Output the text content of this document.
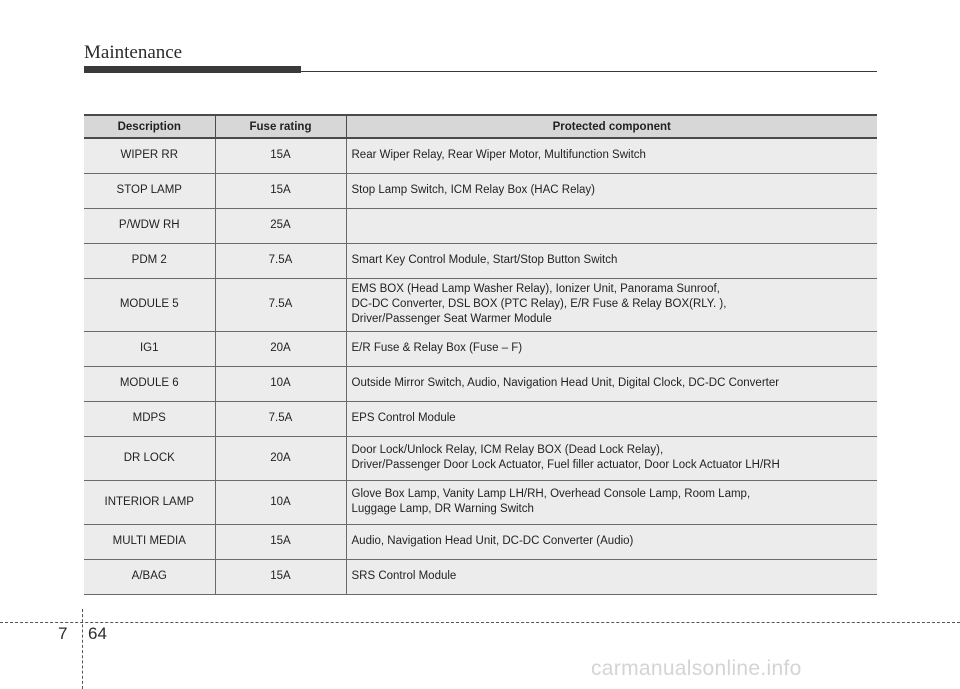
Maintenance
Description	Fuse rating	Protected component
WIPER RR	15A	Rear Wiper Relay, Rear Wiper Motor, Multifunction Switch

STOP LAMP	15A	Stop Lamp Switch, ICM Relay Box (HAC Relay)

P/WDW RH	25A	
PDM 2	7.5A	Smart Key Control Module, Start/Stop Button Switch

MODULE 5	7.5A	EMS BOX (Head Lamp Washer Relay), Ionizer Unit, Panorama Sunroof,
DC-DC Converter, DSL BOX (PTC Relay), E/R Fuse & Relay BOX(RLY. ),
Driver/Passenger Seat Warmer Module

IG1	20A	E/R Fuse & Relay Box (Fuse – F)

MODULE 6	10A	Outside Mirror Switch, Audio, Navigation Head Unit, Digital Clock, DC-DC Converter

MDPS	7.5A	EPS Control Module

DR LOCK	20A	Door Lock/Unlock Relay, ICM Relay BOX (Dead Lock Relay),
Driver/Passenger Door Lock Actuator, Fuel filler actuator, Door Lock Actuator LH/RH

INTERIOR LAMP	10A	Glove Box Lamp, Vanity Lamp LH/RH, Overhead Console Lamp, Room Lamp,
Luggage Lamp, DR Warning Switch

MULTI MEDIA	15A	Audio, Navigation Head Unit, DC-DC Converter (Audio)

A/BAG	15A	SRS Control Module
7 64
carmanualsonline.info
